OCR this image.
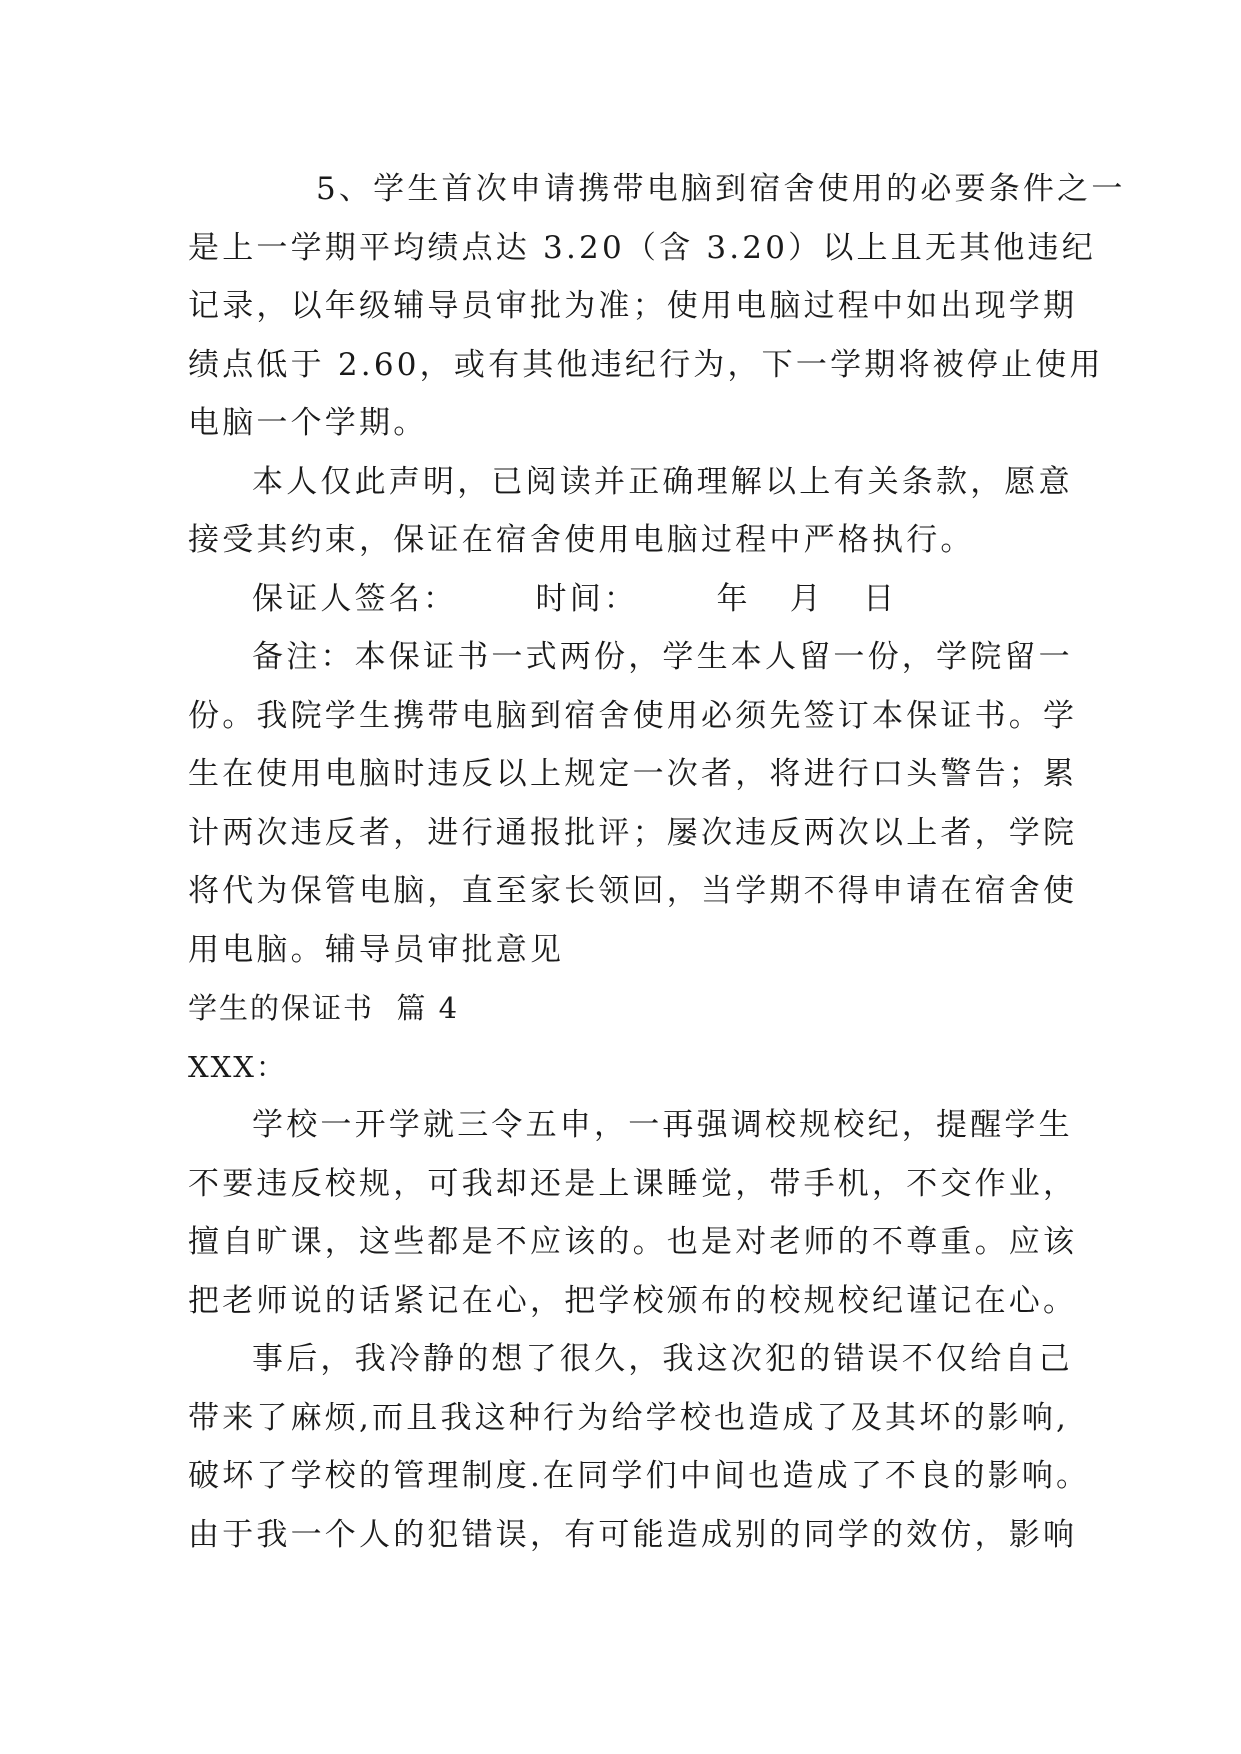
5、学生首次申请携带电脑到宿舍使用的必要条件之一
是上一学期平均绩点达 3.20（含 3.20）以上且无其他违纪
记录，以年级辅导员审批为准；使用电脑过程中如出现学期
绩点低于 2.60，或有其他违纪行为，下一学期将被停止使用
电脑一个学期。
本人仅此声明，已阅读并正确理解以上有关条款，愿意
接受其约束，保证在宿舍使用电脑过程中严格执行。
保证人签名：      时间：      年   月   日
备注：本保证书一式两份，学生本人留一份，学院留一
份。我院学生携带电脑到宿舍使用必须先签订本保证书。学
生在使用电脑时违反以上规定一次者，将进行口头警告；累
计两次违反者，进行通报批评；屡次违反两次以上者，学院
将代为保管电脑，直至家长领回，当学期不得申请在宿舍使
用电脑。辅导员审批意见
学生的保证书  篇 4
XXX：
学校一开学就三令五申，一再强调校规校纪，提醒学生
不要违反校规，可我却还是上课睡觉，带手机，不交作业，
擅自旷课，这些都是不应该的。也是对老师的不尊重。应该
把老师说的话紧记在心，把学校颁布的校规校纪谨记在心。
事后，我冷静的想了很久，我这次犯的错误不仅给自己
带来了麻烦,而且我这种行为给学校也造成了及其坏的影响,
破坏了学校的管理制度.在同学们中间也造成了不良的影响。
由于我一个人的犯错误，有可能造成别的同学的效仿，影响
